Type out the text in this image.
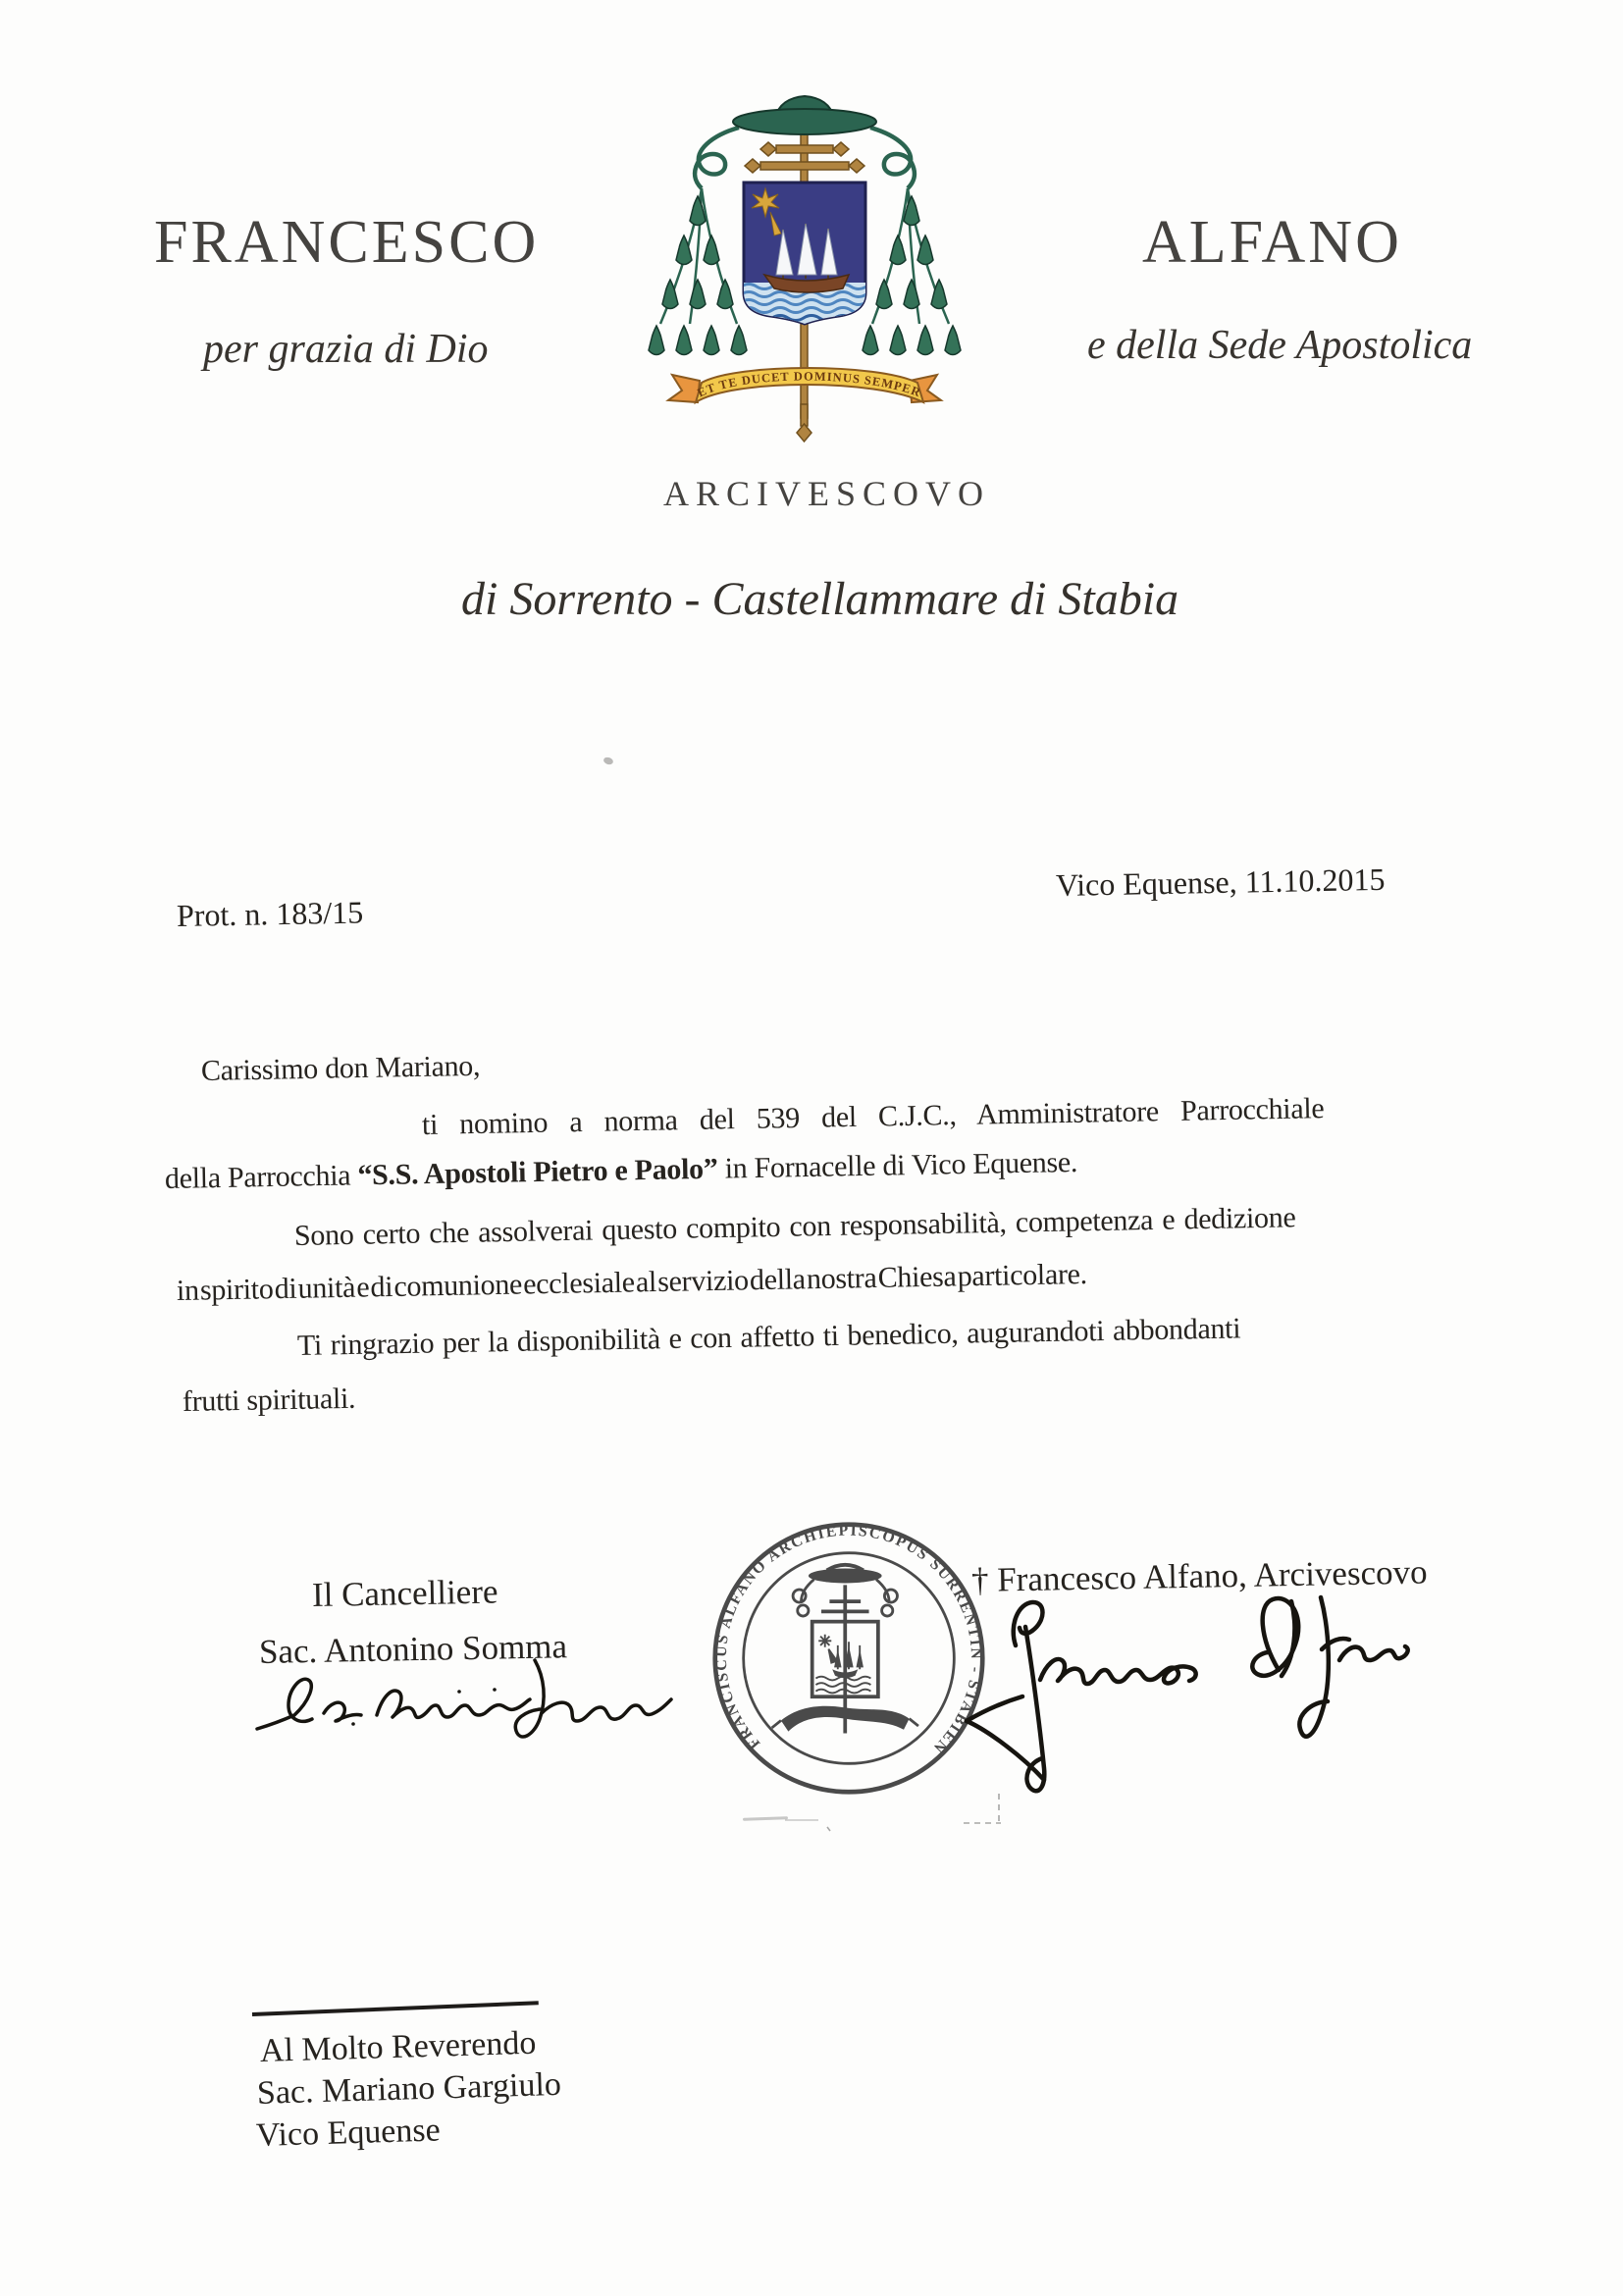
FRANCESCO	ALFANO
per grazia di Dio	e della Sede Apostolica
ARCIVESCOVO
di Sorrento - Castellammare di Stabia
ET TE DUCET DOMINUS SEMPER
Prot. n. 183/15
Vico Equense, 11.10.2015
Carissimo don Mariano,
ti nomino a norma del 539 del C.J.C., Amministratore Parrocchiale
della Parrocchia “S.S. Apostoli Pietro e Paolo” in Fornacelle di Vico Equense.
Sono certo che assolverai questo compito con responsabilità, competenza e dedizione
in spirito di unità e di comunione ecclesiale al servizio della nostra Chiesa particolare.
Ti ringrazio per la disponibilità e con affetto ti benedico, augurandoti abbondanti
frutti spirituali.
Il Cancelliere
Sac. Antonino Somma
† Francesco Alfano, Arcivescovo
FRANCISCUS ALFANO ARCHIEPISCOPUS SURRENTIN - STABIEN
Al Molto Reverendo
Sac. Mariano Gargiulo
Vico Equense
